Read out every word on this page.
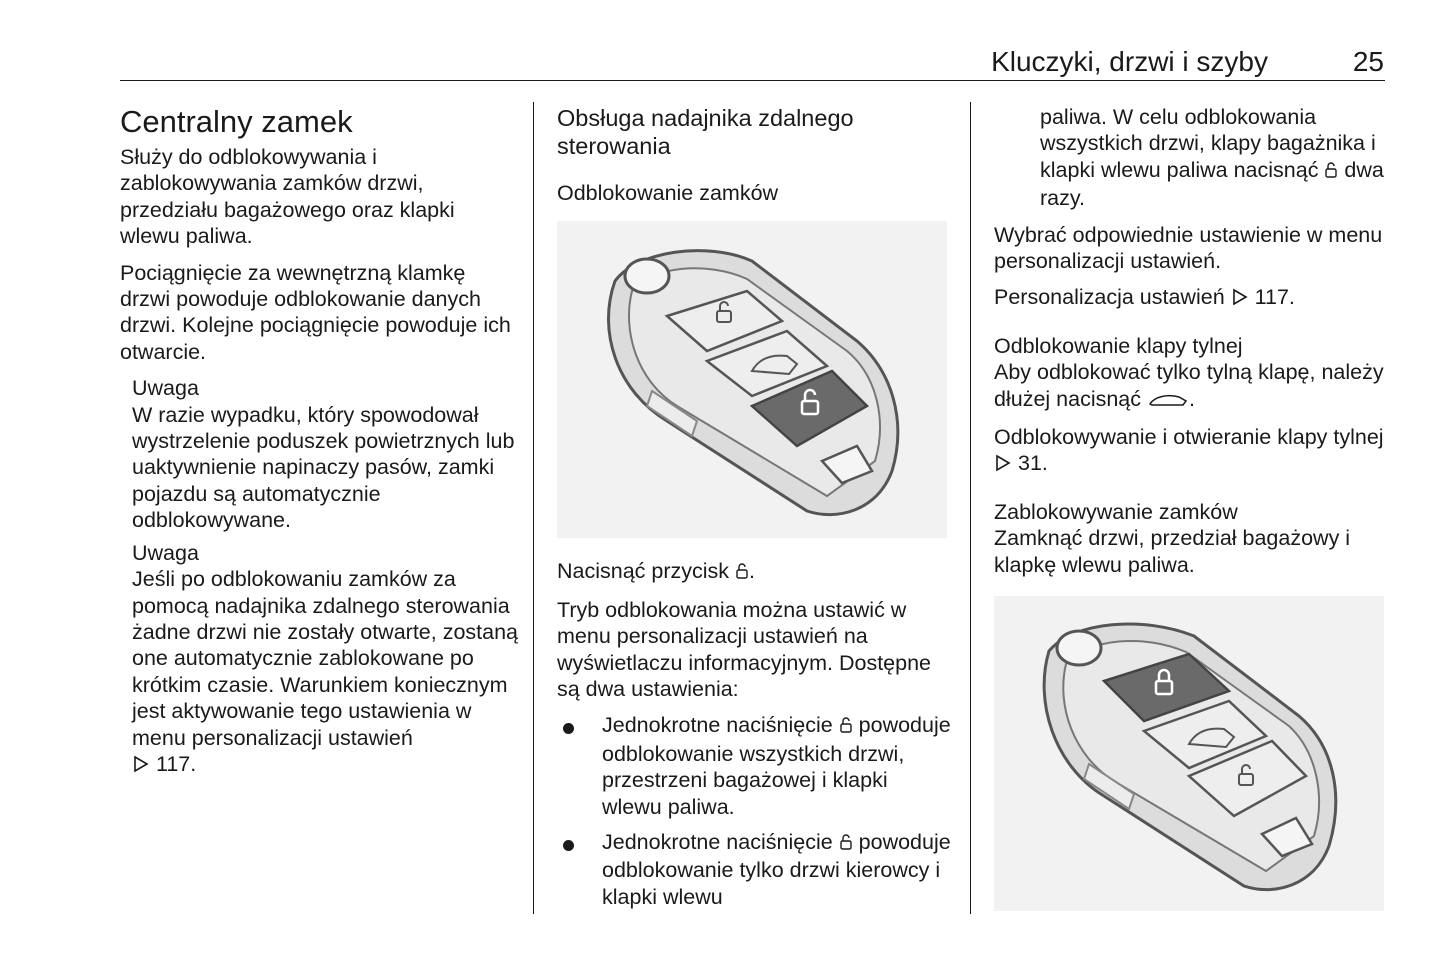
Kluczyki, drzwi i szyby	25
Centralny zamek

Służy do odblokowywania i zablokowywania zamków drzwi, przedziału bagażowego oraz klapki wlewu paliwa.

Pociągnięcie za wewnętrzną klamkę drzwi powoduje odblokowanie danych drzwi. Kolejne pociągnięcie powoduje ich otwarcie.

Uwaga
W razie wypadku, który spowodował wystrzelenie poduszek powietrznych lub uaktywnienie napinaczy pasów, zamki pojazdu są automatycznie odblokowywane.
Uwaga
Jeśli po odblokowaniu zamków za pomocą nadajnika zdalnego sterowania żadne drzwi nie zostały otwarte, zostaną one automatycznie zablokowane po krótkim czasie. Warunkiem koniecznym jest aktywowanie tego ustawienia w menu personalizacji ustawień
117.
Obsługa nadajnika zdalnego sterowania
Odblokowanie zamków

Nacisnąć przycisk .

Tryb odblokowania można ustawić w menu personalizacji ustawień na wyświetlaczu informacyjnym. Dostępne są dwa ustawienia:

Jednokrotne naciśnięcie powoduje odblokowanie wszystkich drzwi, przestrzeni bagażowej i klapki wlewu paliwa.
Jednokrotne naciśnięcie powoduje odblokowanie tylko drzwi kierowcy i klapki wlewu

paliwa. W celu odblokowania wszystkich drzwi, klapy bagażnika i klapki wlewu paliwa nacisnąć dwa razy.

Wybrać odpowiednie ustawienie w menu personalizacji ustawień.

Personalizacja ustawień 117.

Odblokowanie klapy tylnej

Aby odblokować tylko tylną klapę, należy dłużej nacisnąć .

Odblokowywanie i otwieranie klapy tylnej  31.

Zablokowywanie zamków

Zamknąć drzwi, przedział bagażowy i klapkę wlewu paliwa.
